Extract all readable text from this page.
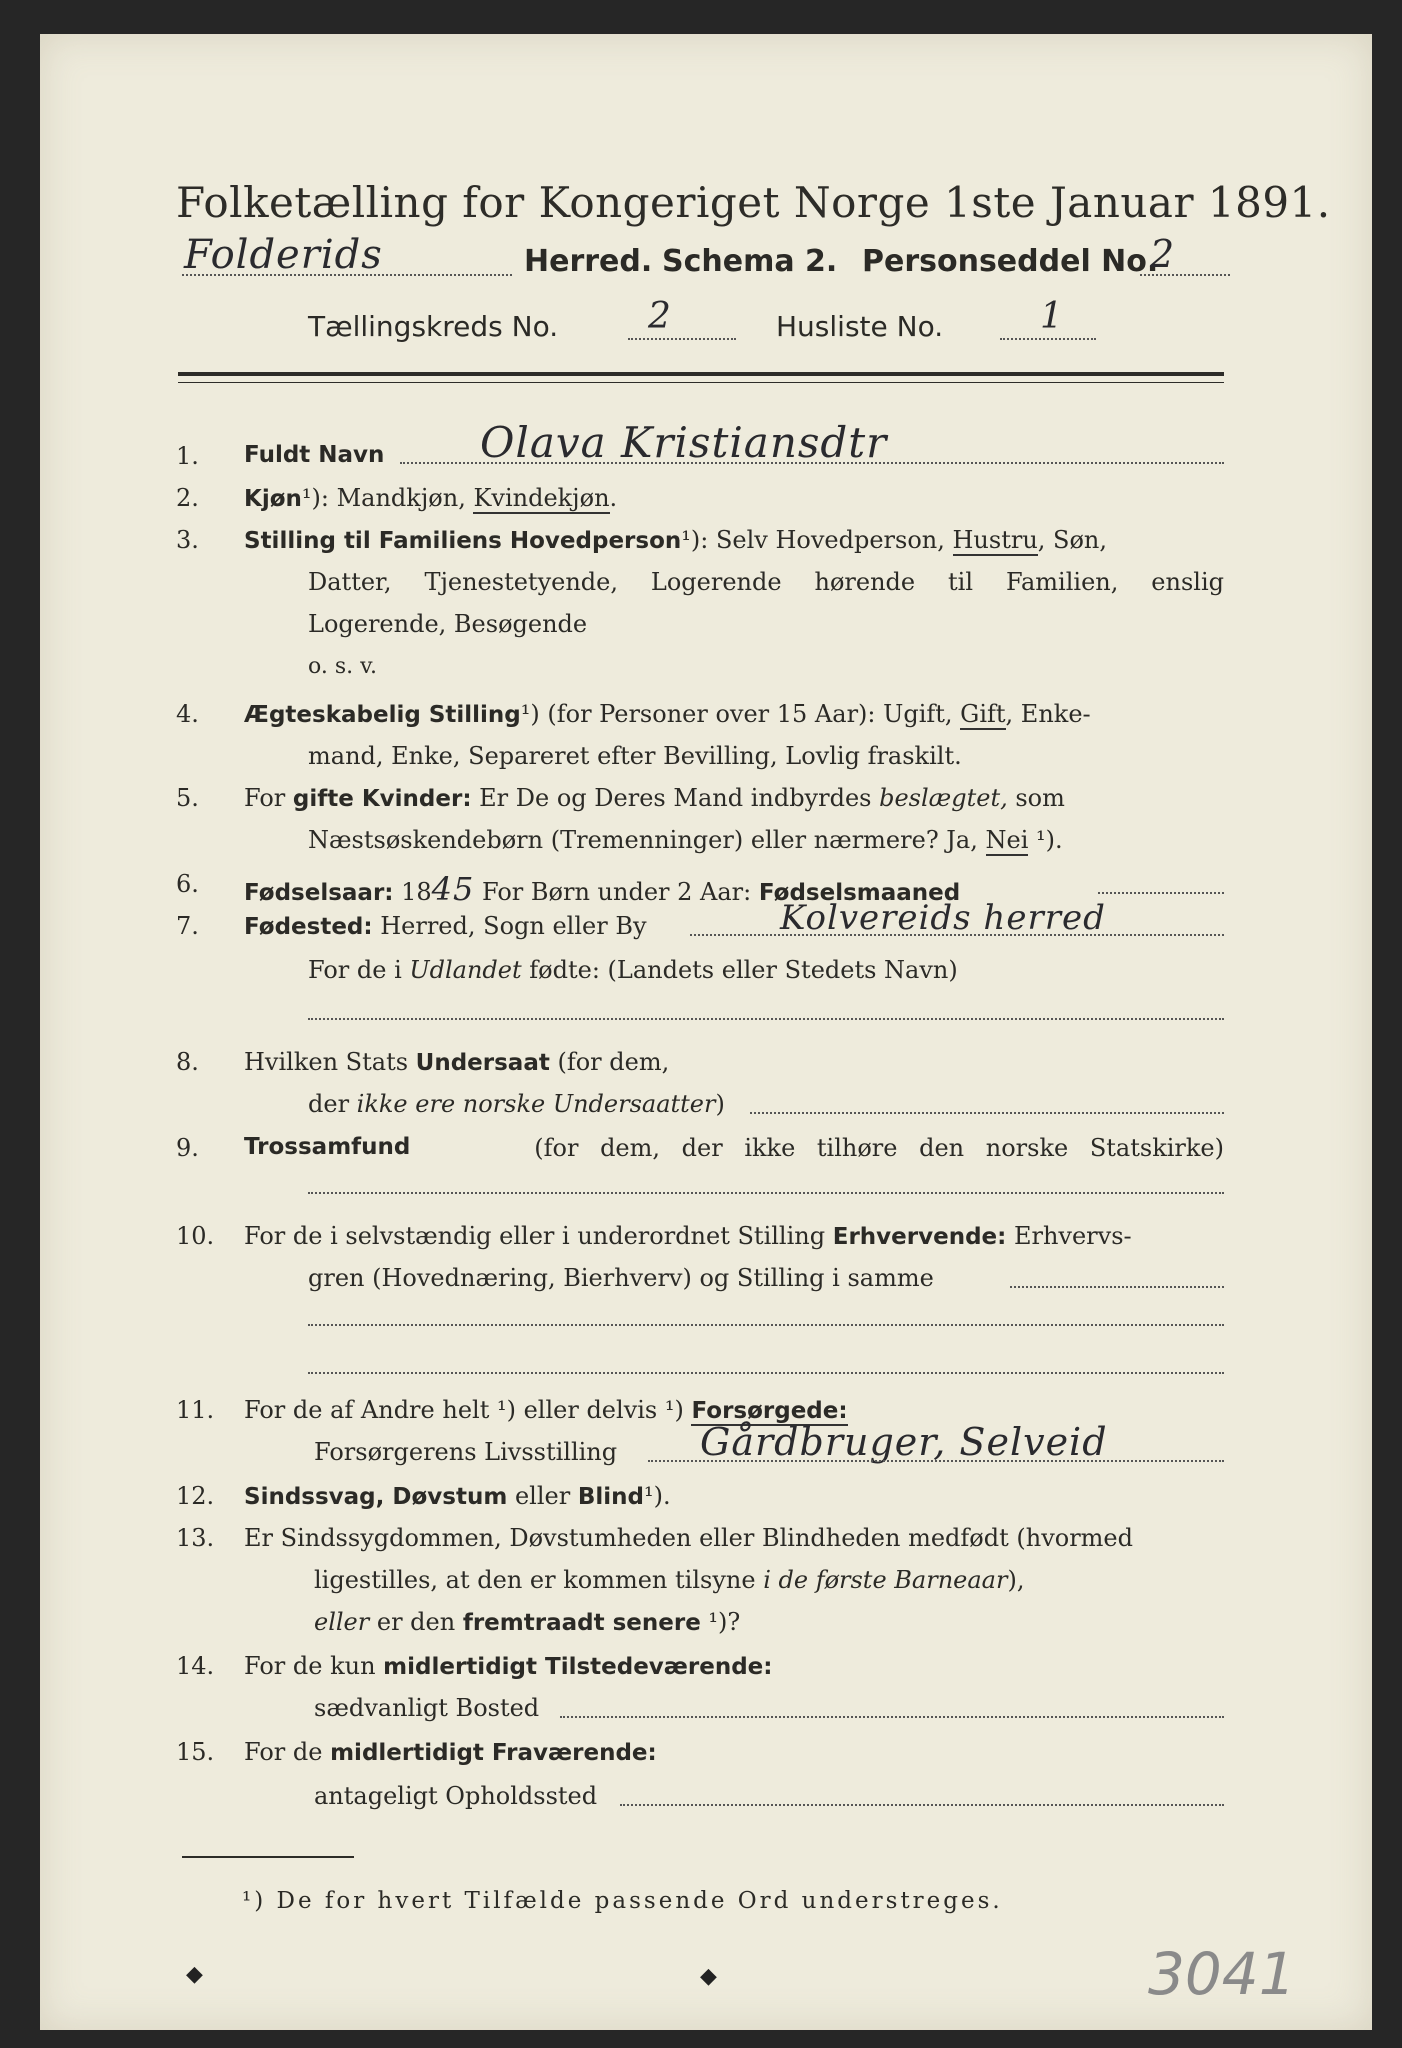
Folketælling for Kongeriget Norge 1ste Januar 1891.
Folderids	Herred. Schema 2. Personseddel No.
2
Tællingskreds No. 2	Husliste No.	1
1.	Fuldt Navn Olava Kristiansdtr
2.	Kjøn¹): Mandkjøn, Kvindekjøn.
3.	Stilling til Familiens Hovedperson¹): Selv Hovedperson, Hustru, Søn,
Datter, Tjenestetyende, Logerende hørende til Familien, enslig
Logerende, Besøgende
o. s. v.
4.	Ægteskabelig Stilling¹) (for Personer over 15 Aar): Ugift, Gift, Enke-
mand, Enke, Separeret efter Bevilling, Lovlig fraskilt.
5.	For gifte Kvinder: Er De og Deres Mand indbyrdes beslægtet, som
Næstsøskendebørn (Tremenninger) eller nærmere? Ja, Nei ¹).
6.	Fødselsaar: 1845 For Børn under 2 Aar: Fødselsmaaned
7.	Fødested: Herred, Sogn eller By	Kolvereids herred
For de i Udlandet fødte: (Landets eller Stedets Navn)
8.	Hvilken Stats Undersaat (for dem,
der ikke ere norske Undersaatter)
9.	Trossamfund	(for dem, der ikke tilhøre den norske Statskirke)
10.	For de i selvstændig eller i underordnet Stilling Erhvervende: Erhvervs-
gren (Hovednæring, Bierhverv) og Stilling i samme
11.	For de af Andre helt ¹) eller delvis ¹) Forsørgede:
Forsørgerens Livsstilling Gårdbruger, Selveid
12.	Sindssvag, Døvstum eller Blind¹).
13.	Er Sindssygdommen, Døvstumheden eller Blindheden medfødt (hvormed
ligestilles, at den er kommen tilsyne i de første Barneaar),
eller er den fremtraadt senere ¹)?
14.	For de kun midlertidigt Tilstedeværende:
sædvanligt Bosted
15.	For de midlertidigt Fraværende:
antageligt Opholdssted
¹) De for hvert Tilfælde passende Ord understreges.
◆	◆	3041
